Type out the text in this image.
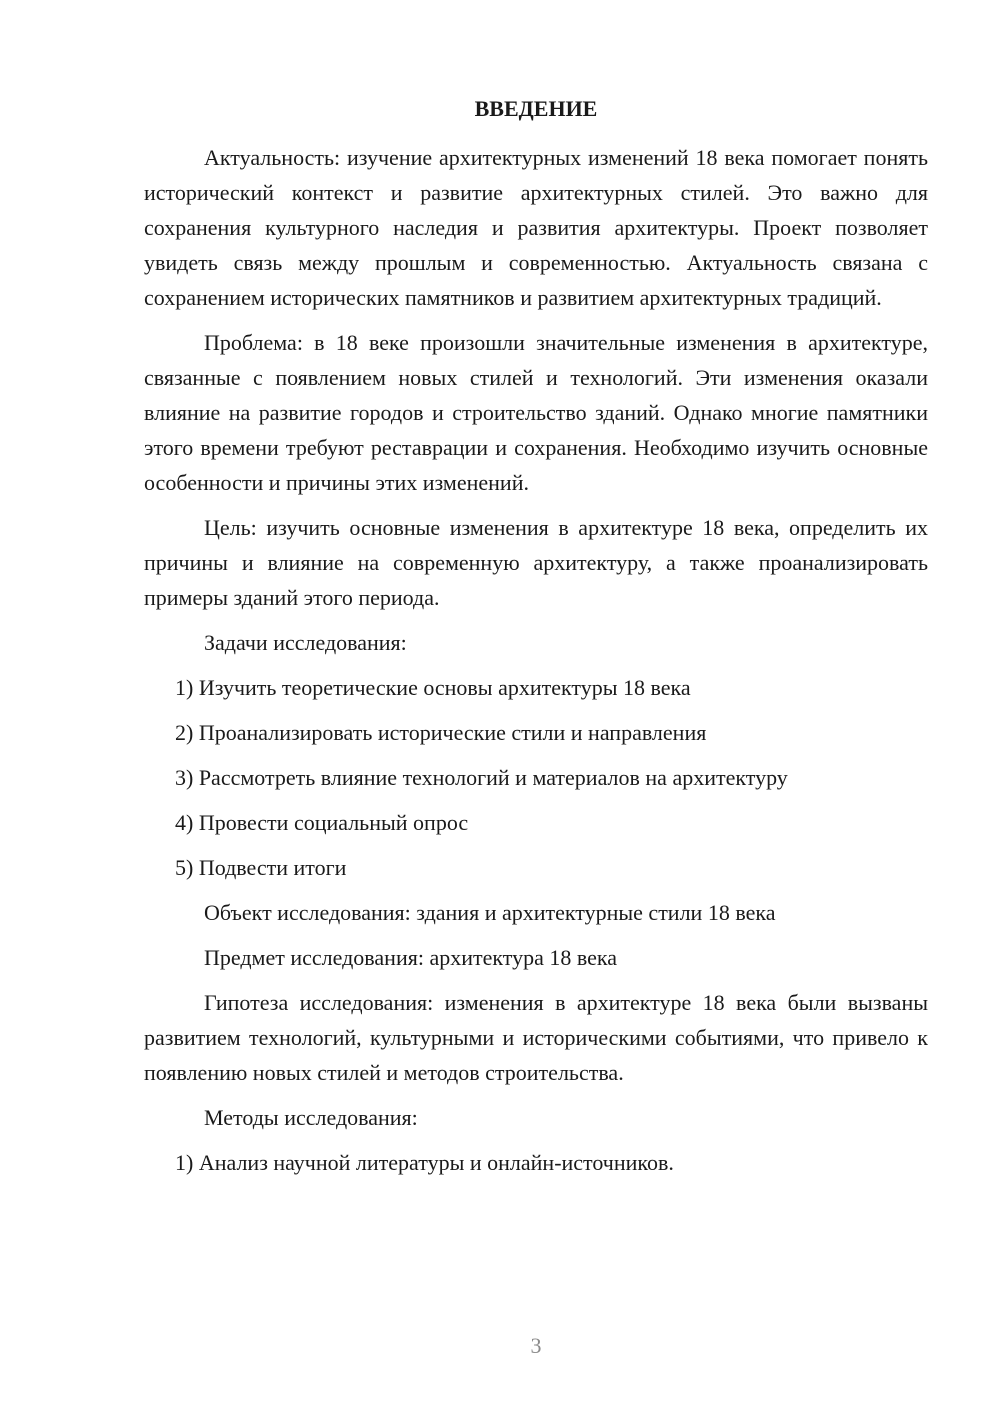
ВВЕДЕНИЕ

Актуальность: изучение архитектурных изменений 18 века помогает понять исторический контекст и развитие архитектурных стилей. Это важно для сохранения культурного наследия и развития архитектуры. Проект позволяет увидеть связь между прошлым и современностью. Актуальность связана с сохранением исторических памятников и развитием архитектурных традиций.

Проблема: в 18 веке произошли значительные изменения в архитектуре, связанные с появлением новых стилей и технологий. Эти изменения оказали влияние на развитие городов и строительство зданий. Однако многие памятники этого времени требуют реставрации и сохранения. Необходимо изучить основные особенности и причины этих изменений.

Цель: изучить основные изменения в архитектуре 18 века, определить их причины и влияние на современную архитектуру, а также проанализировать примеры зданий этого периода.

Задачи исследования:
1) Изучить теоретические основы архитектуры 18 века
2) Проанализировать исторические стили и направления
3) Рассмотреть влияние технологий и материалов на архитектуру
4) Провести социальный опрос
5) Подвести итоги
Объект исследования: здания и архитектурные стили 18 века
Предмет исследования: архитектура 18 века

Гипотеза исследования: изменения в архитектуре 18 века были вызваны развитием технологий, культурными и историческими событиями, что привело к появлению новых стилей и методов строительства.

Методы исследования:
1) Анализ научной литературы и онлайн-источников.
3
